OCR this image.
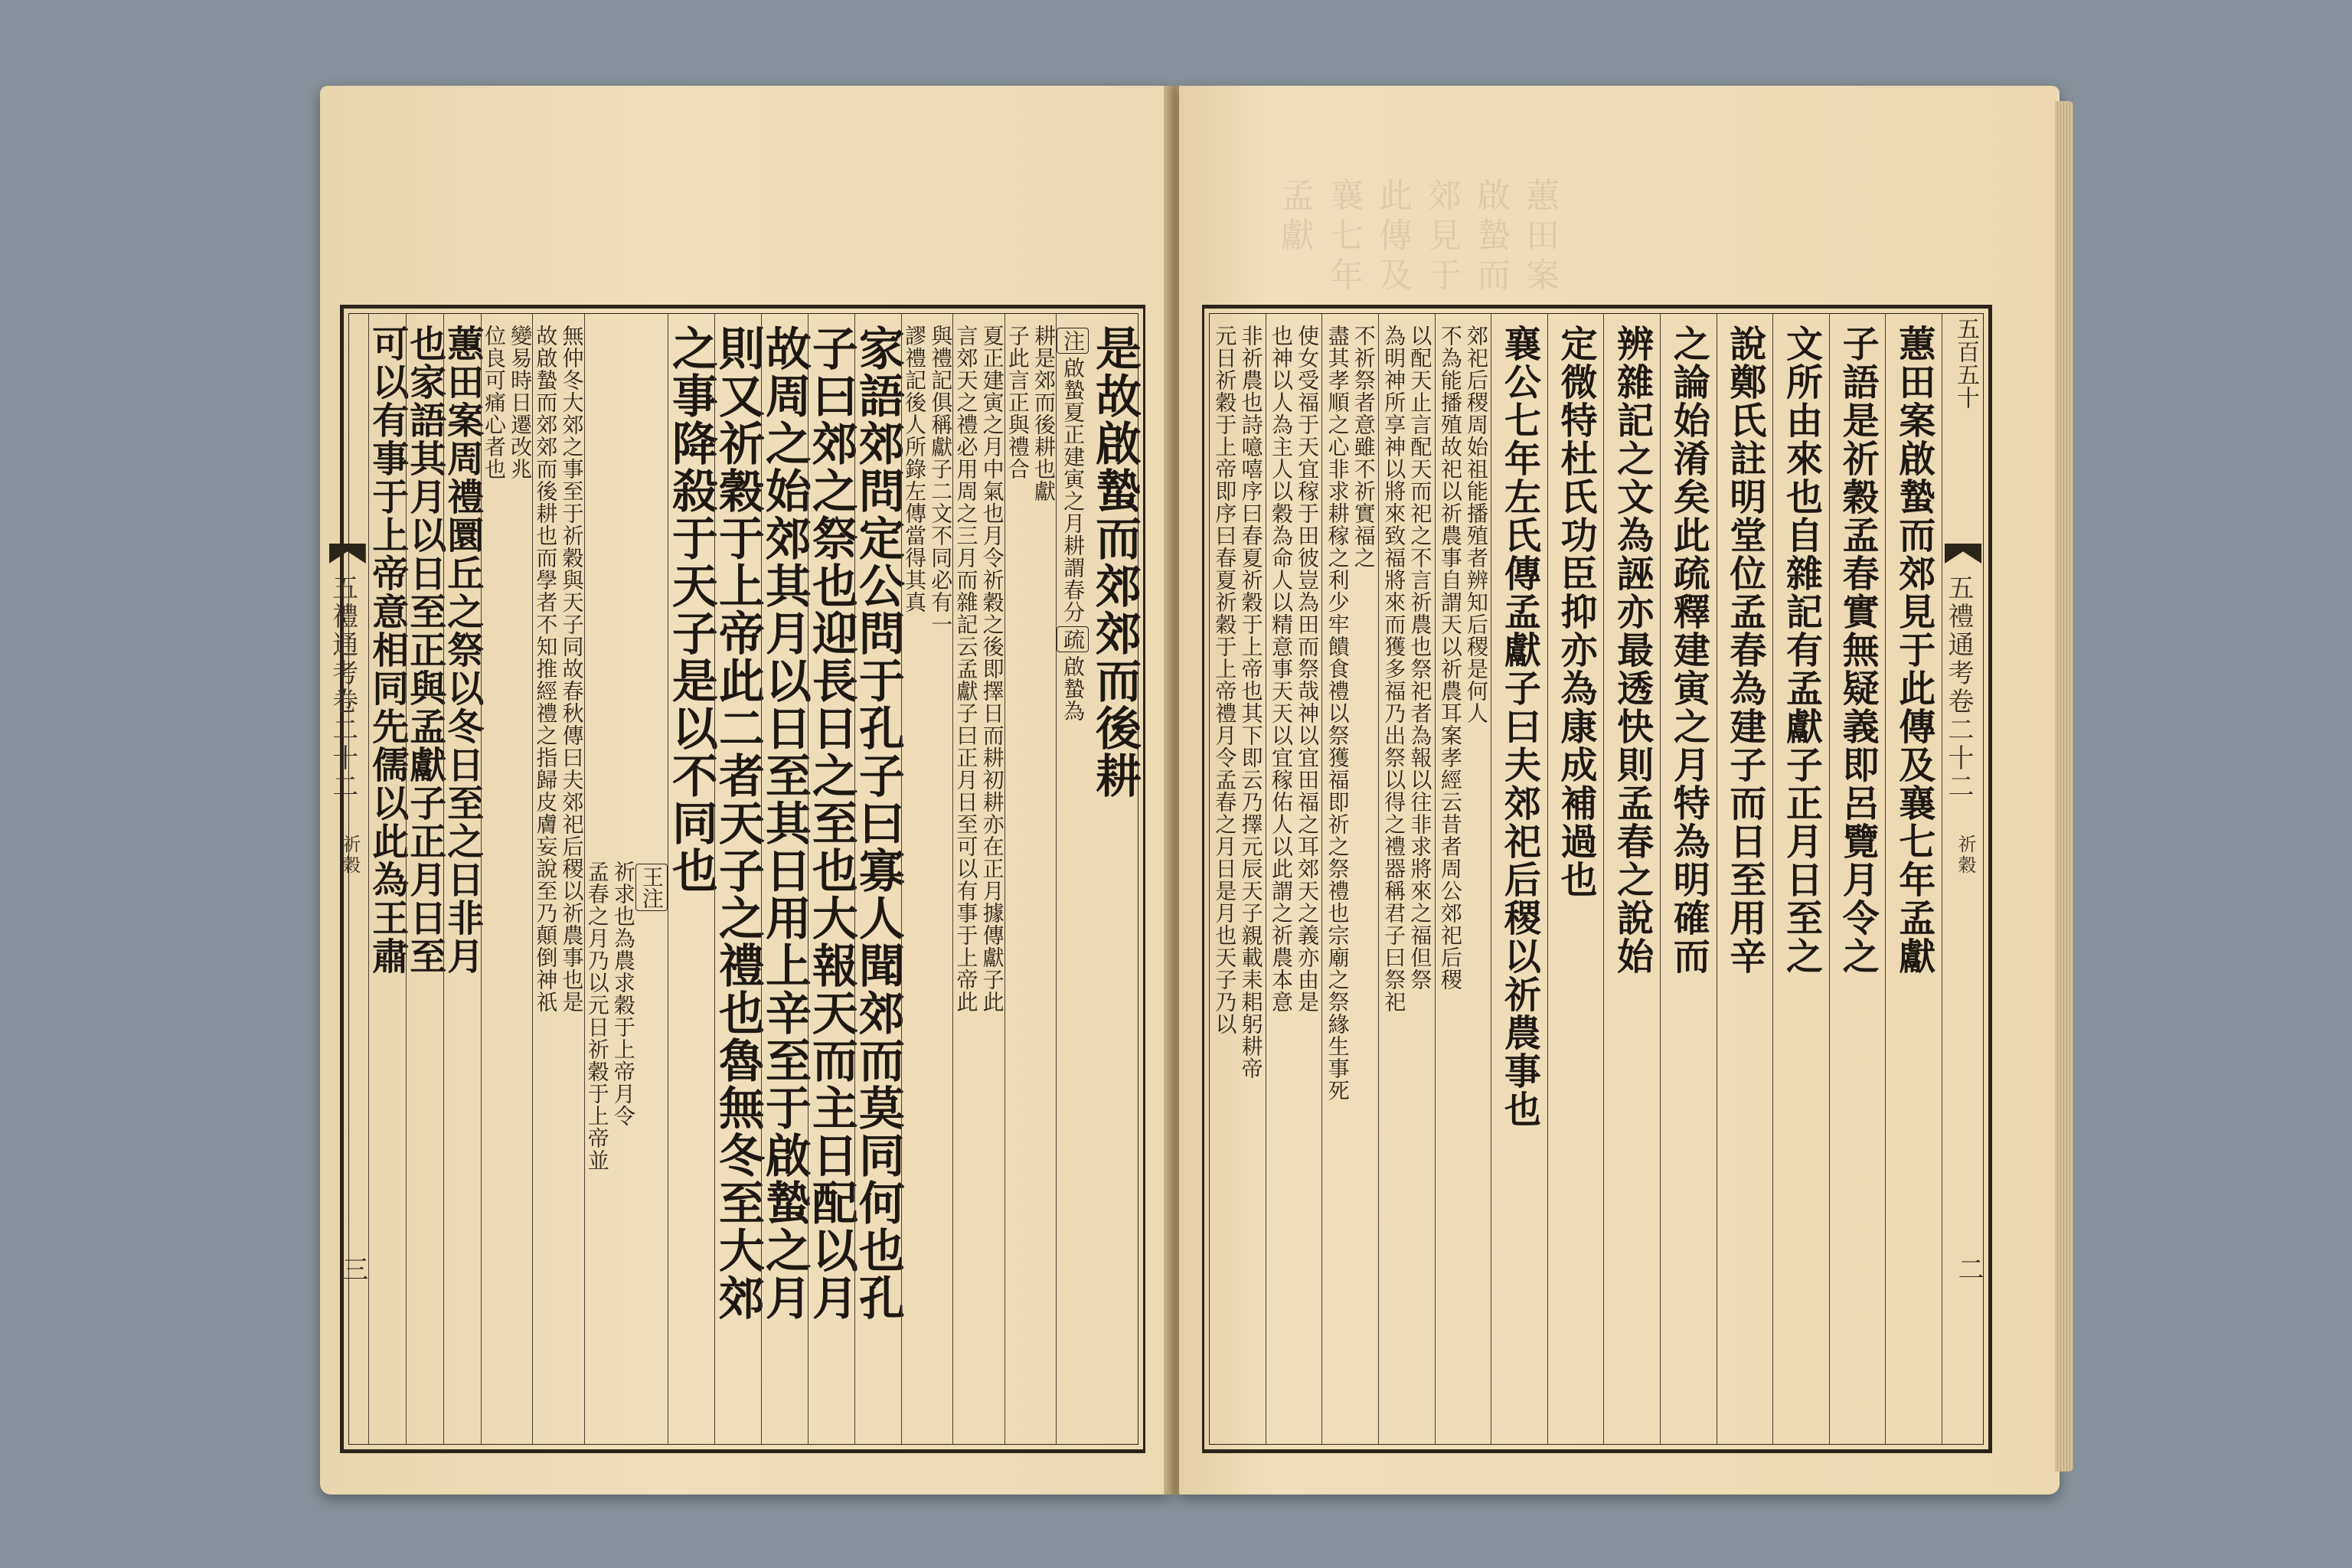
蕙田案啟蟄而郊見于此傳及襄七年孟獻
是故啟蟄而郊郊而後耕
注
啟蟄夏正建寅之月
耕謂春分
疏
啟蟄為
耕是郊而後耕也獻
子此言正與禮合
夏正建寅之月中氣也月令祈穀之後即擇日而耕初耕亦在正月據傳獻子此
言郊天之禮必用周之三月而雜記云孟獻子曰正月日至可以有事于上帝此
與禮記俱稱獻子二文不同必有一
謬禮記後人所錄左傳當得其真
家語郊問定公問于孔子曰寡人聞郊而莫同何也孔
子曰郊之祭也迎長日之至也大報天而主日配以月
故周之始郊其月以日至其日用上辛至于啟蟄之月
則又祈穀于上帝此二者天子之禮也魯無冬至大郊
之事降殺于天子是以不同也
王注
祈求也為農求穀于上帝月令
孟春之月乃以元日祈穀于上帝並
無仲冬大郊之事至于祈穀與天子同故春秋傳曰夫郊祀后稷以祈農事也是
故啟蟄而郊郊而後耕也而學者不知推經禮之指歸皮膚妄說至乃顛倒神祇
變易時日遷改兆
位良可痛心者也
蕙田案周禮圜丘之祭以冬日至之日非月
也家語其月以日至正與孟獻子正月日至
可以有事于上帝意相同先儒以此為王肅
五禮通考卷二十二
祈穀
三
五百五十
五禮通考卷二十二
祈穀
二
蕙田案啟蟄而郊見于此傳及襄七年孟獻
子語是祈穀孟春實無疑義即呂覽月令之
文所由來也自雜記有孟獻子正月日至之
說鄭氏註明堂位孟春為建子而日至用辛
之論始淆矣此疏釋建寅之月特為明確而
辨雜記之文為誣亦最透快則孟春之說始
定微特杜氏功臣抑亦為康成補過也
襄公七年左氏傳孟獻子曰夫郊祀后稷以祈農事也
郊祀后稷周始祖能播殖者辨知后稷是何人
不為能播殖故祀以祈農事自謂天以祈農耳案孝經云昔者周公郊祀后稷
以配天止言配天而祀之不言祈農也祭祀者為報以往非求將來之福但祭
為明神所享神以將來致福將來而獲多福乃出祭以得之禮器稱君子曰祭祀
不祈祭者意雖不祈實福之
盡其孝順之心非求耕稼之利少牢饋食禮以祭獲福即祈之祭禮也宗廟之祭緣生事死
使女受福于天宜稼于田彼豈為田而祭哉神以宜田福之耳郊天之義亦由是
也神以人為主人以穀為命人以精意事天天以宜稼佑人以此謂之祈農本意
非祈農也詩噫嘻序曰春夏祈穀于上帝也其下即云乃擇元辰天子親載耒耜躬耕帝
元日祈穀于上帝即序曰春夏祈穀于上帝禮月令孟春之月日是月也天子乃以
